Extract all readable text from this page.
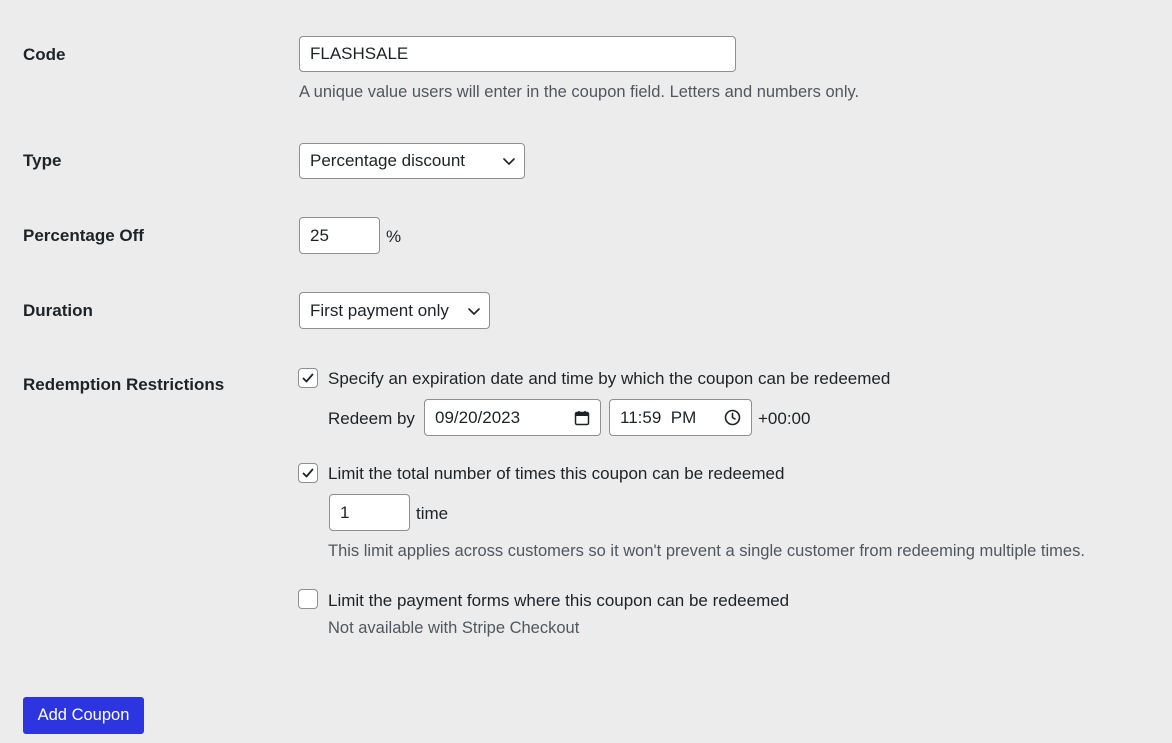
Code	FLASHSALE
A unique value users will enter in the coupon field. Letters and numbers only.
Type	Percentage discount
Percentage Off	25	%
Duration	First payment only
Redemption Restrictions	Specify an expiration date and time by which the coupon can be redeemed
Redeem by 09/20/2023	11:59  PM	+00:00
Limit the total number of times this coupon can be redeemed
1	time
This limit applies across customers so it won't prevent a single customer from redeeming multiple times.
Limit the payment forms where this coupon can be redeemed
Not available with Stripe Checkout
Add Coupon
